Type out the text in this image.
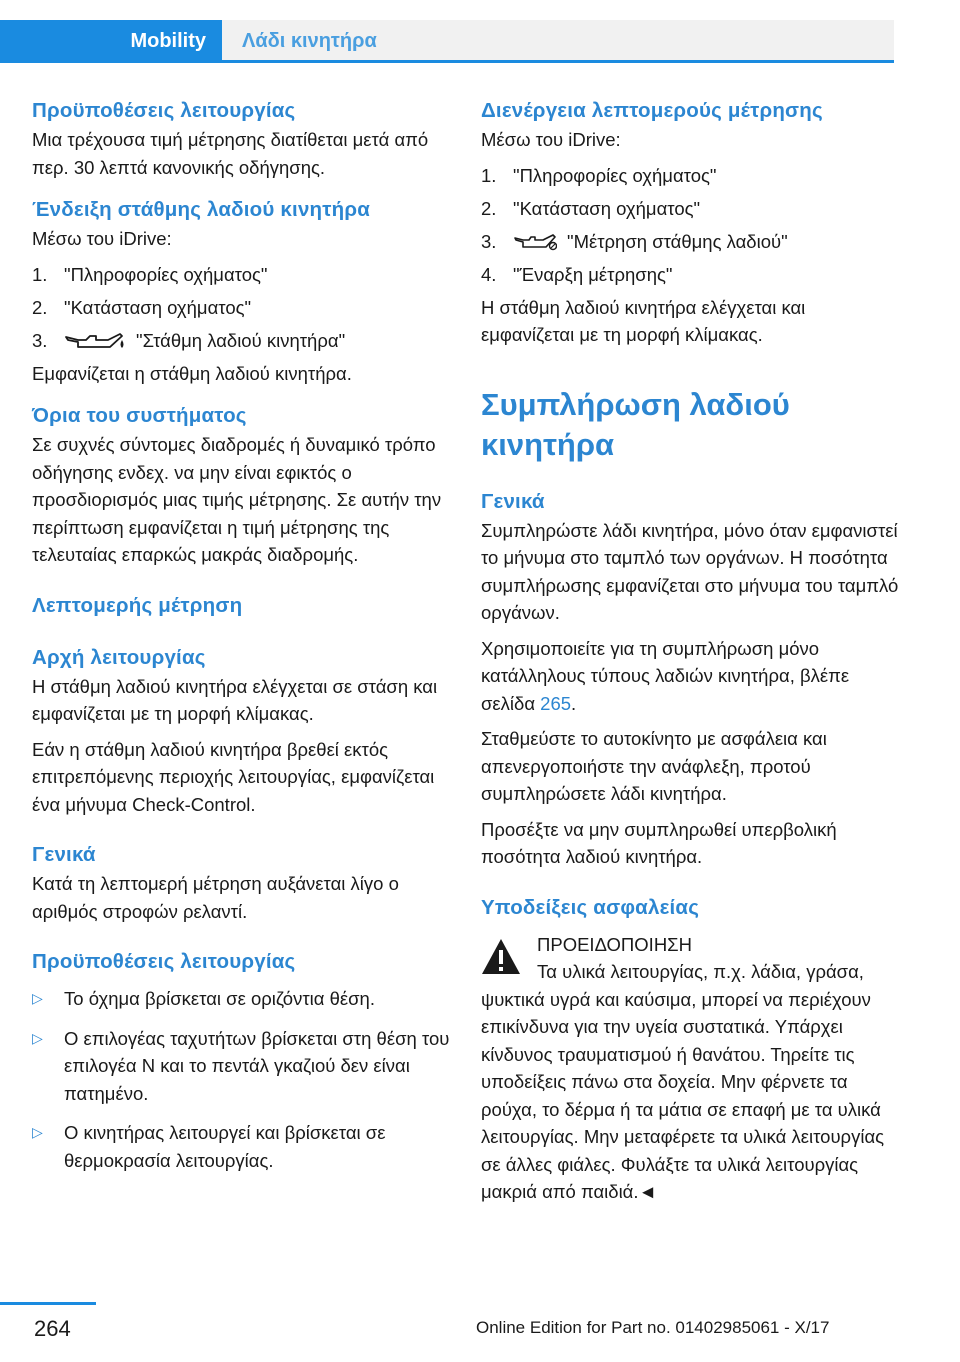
Mobility	Λάδι κινητήρα
Προϋποθέσεις λειτουργίας
Μια τρέχουσα τιμή μέτρησης διατίθεται μετά από περ. 30 λεπτά κανονικής οδήγησης.
Ένδειξη στάθμης λαδιού κινητήρα
Μέσω του iDrive:
1. "Πληροφορίες οχήματος"
2. "Κατάσταση οχήματος"
3.	"Στάθμη λαδιού κινητήρα"
Εμφανίζεται η στάθμη λαδιού κινητήρα.
Όρια του συστήματος
Σε συχνές σύντομες διαδρομές ή δυναμικό τρόπο οδήγησης ενδεχ. να μην είναι εφικτός ο προσδιορισμός μιας τιμής μέτρησης. Σε αυτήν την περίπτωση εμφανίζεται η τιμή μέτρησης της τελευταίας επαρκώς μακράς διαδρομής.
Λεπτομερής μέτρηση
Αρχή λειτουργίας
Η στάθμη λαδιού κινητήρα ελέγχεται σε στάση και εμφανίζεται με τη μορφή κλίμακας.
Εάν η στάθμη λαδιού κινητήρα βρεθεί εκτός επιτρεπόμενης περιοχής λειτουργίας, εμφανίζεται ένα μήνυμα Check-Control.
Γενικά
Κατά τη λεπτομερή μέτρηση αυξάνεται λίγο ο αριθμός στροφών ρελαντί.
Προϋποθέσεις λειτουργίας
▷	Το όχημα βρίσκεται σε οριζόντια θέση.
▷	Ο επιλογέας ταχυτήτων βρίσκεται στη θέση του επιλογέα N και το πεντάλ γκαζιού δεν είναι πατημένο.
▷	Ο κινητήρας λειτουργεί και βρίσκεται σε θερμοκρασία λειτουργίας.
Διενέργεια λεπτομερούς μέτρησης
Μέσω του iDrive:
1. "Πληροφορίες οχήματος"
2. "Κατάσταση οχήματος"
3.	"Μέτρηση στάθμης λαδιού"
4. "Έναρξη μέτρησης"
Η στάθμη λαδιού κινητήρα ελέγχεται και εμφανίζεται με τη μορφή κλίμακας.
Συμπλήρωση λαδιού κινητήρα
Γενικά
Συμπληρώστε λάδι κινητήρα, μόνο όταν εμφανιστεί το μήνυμα στο ταμπλό των οργάνων. Η ποσότητα συμπλήρωσης εμφανίζεται στο μήνυμα του ταμπλό οργάνων.
Χρησιμοποιείτε για τη συμπλήρωση μόνο κατάλληλους τύπους λαδιών κινητήρα, βλέπε σελίδα 265.
Σταθμεύστε το αυτοκίνητο με ασφάλεια και απενεργοποιήστε την ανάφλεξη, προτού συμπληρώσετε λάδι κινητήρα.
Προσέξτε να μην συμπληρωθεί υπερβολική ποσότητα λαδιού κινητήρα.
Υποδείξεις ασφαλείας
ΠΡΟΕΙΔΟΠΟΙΗΣΗ
Τα υλικά λειτουργίας, π.χ. λάδια, γράσα, ψυκτικά υγρά και καύσιμα, μπορεί να περιέχουν επικίνδυνα για την υγεία συστατικά. Υπάρχει κίνδυνος τραυματισμού ή θανάτου. Τηρείτε τις υποδείξεις πάνω στα δοχεία. Μην φέρνετε τα ρούχα, το δέρμα ή τα μάτια σε επαφή με τα υλικά λειτουργίας. Μην μεταφέρετε τα υλικά λειτουργίας σε άλλες φιάλες. Φυλάξτε τα υλικά λειτουργίας μακριά από παιδιά.◄
264	Online Edition for Part no. 01402985061 - X/17
